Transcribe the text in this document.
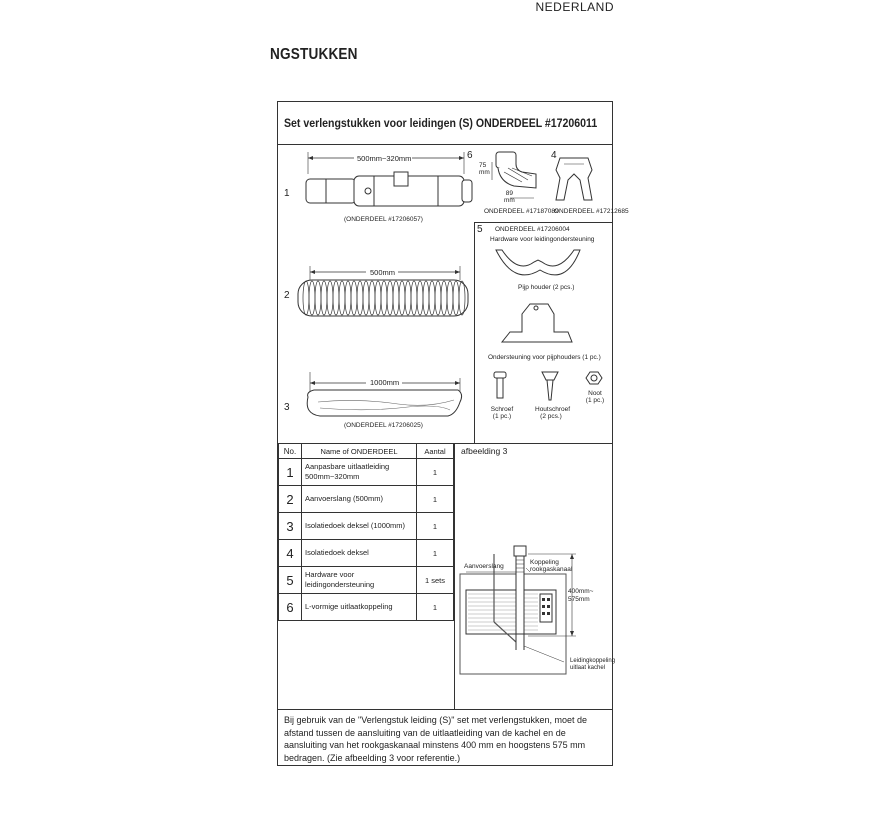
NEDERLAND
NGSTUKKEN
Set verlengstukken voor leidingen (S) ONDERDEEL #17206011
1
500mm~320mm
(ONDERDEEL #17206057)
2
500mm
3
1000mm
(ONDERDEEL #17206025)
6
75
mm
89
mm
ONDERDEEL #17187089
4
ONDERDEEL #17212685
5 ONDERDEEL #17206004
Hardware voor leidingondersteuning
Pijp houder (2 pcs.)
Ondersteuning voor pijphouders (1 pc.)
Schroef
(1 pc.)
Houtschroef
(2 pcs.)
Noot
(1 pc.)
No.	Name of ONDERDEEL	Aantal
1	Aanpasbare uitlaatleiding 500mm~320mm	1
2	Aanvoerslang (500mm)	1
3	Isolatiedoek deksel (1000mm)	1
4	Isolatiedoek deksel	1
5	Hardware voor leidingondersteuning	1 sets
6	L-vormige uitlaatkoppeling	1
afbeelding 3
Aanvoerslang
Koppeling
rookgaskanaal
400mm~
575mm
Leidingkoppeling
uitlaat kachel
Bij gebruik van de "Verlengstuk leiding (S)" set met verlengstukken, moet de afstand tussen de aansluiting van de uitlaatleiding van de kachel en de aansluiting van het rookgaskanaal minstens 400 mm en hoogstens 575 mm bedragen. (Zie afbeelding 3 voor referentie.)
